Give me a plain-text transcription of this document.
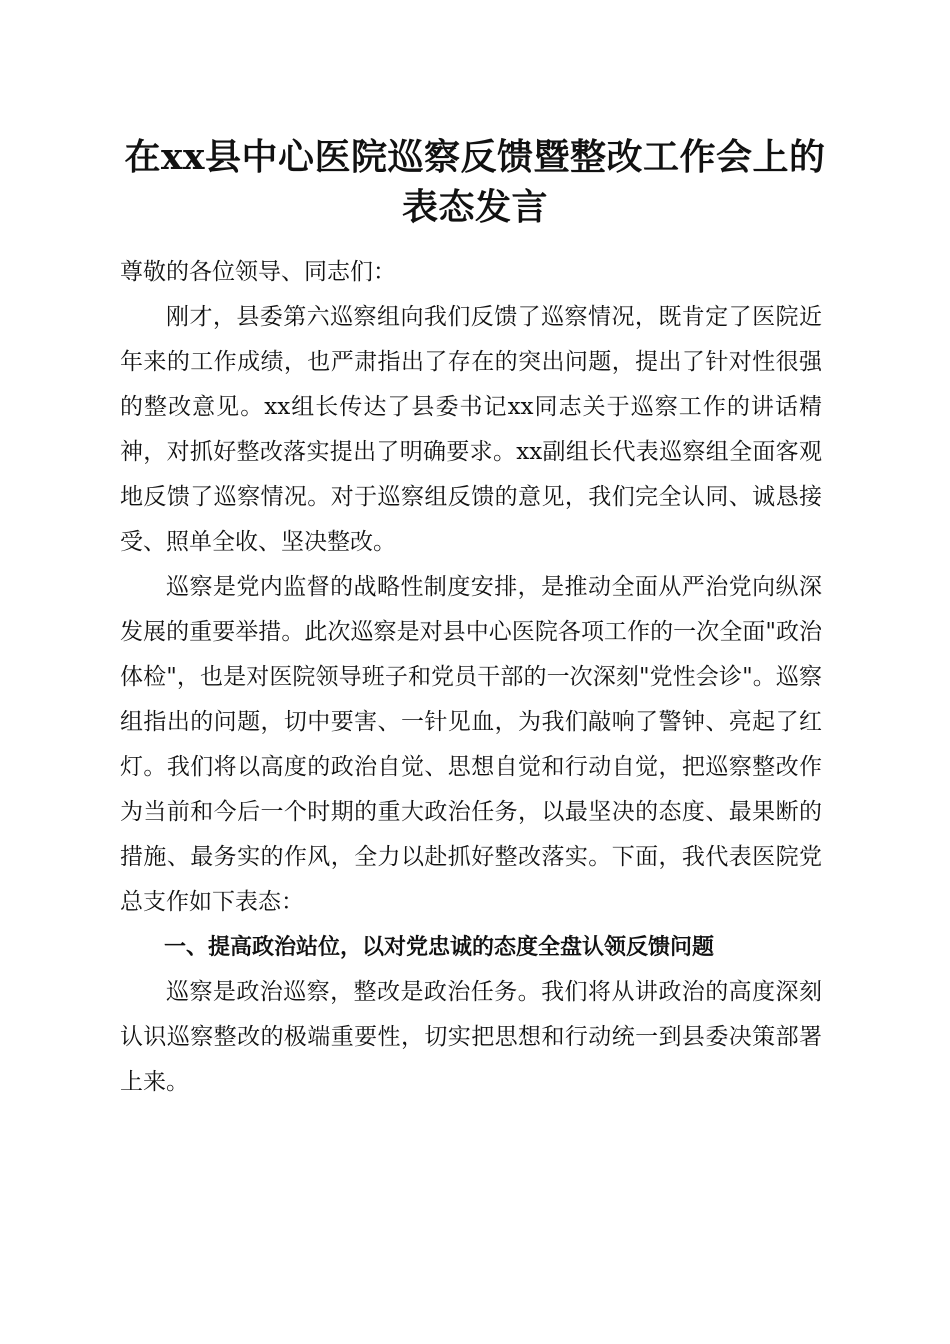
在xx县中心医院巡察反馈暨整改工作会上的
表态发言

尊敬的各位领导、同志们：

刚才，县委第六巡察组向我们反馈了巡察情况，既肯定了医院近年来的工作成绩，也严肃指出了存在的突出问题，提出了针对性很强的整改意见。xx组长传达了县委书记xx同志关于巡察工作的讲话精神，对抓好整改落实提出了明确要求。xx副组长代表巡察组全面客观地反馈了巡察情况。对于巡察组反馈的意见，我们完全认同、诚恳接受、照单全收、坚决整改。

巡察是党内监督的战略性制度安排，是推动全面从严治党向纵深发展的重要举措。此次巡察是对县中心医院各项工作的一次全面"政治体检"，也是对医院领导班子和党员干部的一次深刻"党性会诊"。巡察组指出的问题，切中要害、一针见血，为我们敲响了警钟、亮起了红灯。我们将以高度的政治自觉、思想自觉和行动自觉，把巡察整改作为当前和今后一个时期的重大政治任务，以最坚决的态度、最果断的措施、最务实的作风，全力以赴抓好整改落实。下面，我代表医院党总支作如下表态：

一、提高政治站位，以对党忠诚的态度全盘认领反馈问题

巡察是政治巡察，整改是政治任务。我们将从讲政治的高度深刻认识巡察整改的极端重要性，切实把思想和行动统一到县委决策部署上来。
